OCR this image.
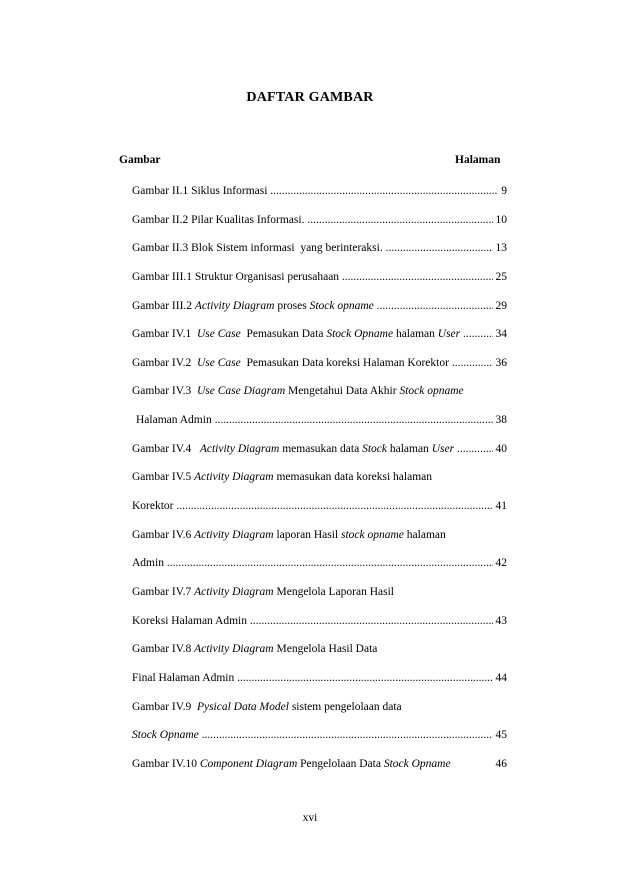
DAFTAR GAMBAR
Gambar	Halaman
Gambar II.1 Siklus Informasi .....	9
Gambar II.2 Pilar Kualitas Informasi. .....	10
Gambar II.3 Blok Sistem informasi  yang berinteraksi. .....	13
Gambar III.1 Struktur Organisasi perusahaan .....	25
Gambar III.2 Activity Diagram proses Stock opname .....	29
Gambar IV.1  Use Case  Pemasukan Data Stock Opname halaman User .....	34
Gambar IV.2  Use Case  Pemasukan Data koreksi Halaman Korektor .....	36
Gambar IV.3  Use Case Diagram Mengetahui Data Akhir Stock opname
Halaman Admin .....	38
Gambar IV.4   Activity Diagram memasukan data Stock halaman User .....	40
Gambar IV.5 Activity Diagram memasukan data koreksi halaman
Korektor .....	41
Gambar IV.6 Activity Diagram laporan Hasil stock opname halaman
Admin .....	42
Gambar IV.7 Activity Diagram Mengelola Laporan Hasil
Koreksi Halaman Admin .....	43
Gambar IV.8 Activity Diagram Mengelola Hasil Data
Final Halaman Admin .....	44
Gambar IV.9  Pysical Data Model sistem pengelolaan data
Stock Opname .....	45
Gambar IV.10 Component Diagram Pengelolaan Data Stock Opname	46
xvi
